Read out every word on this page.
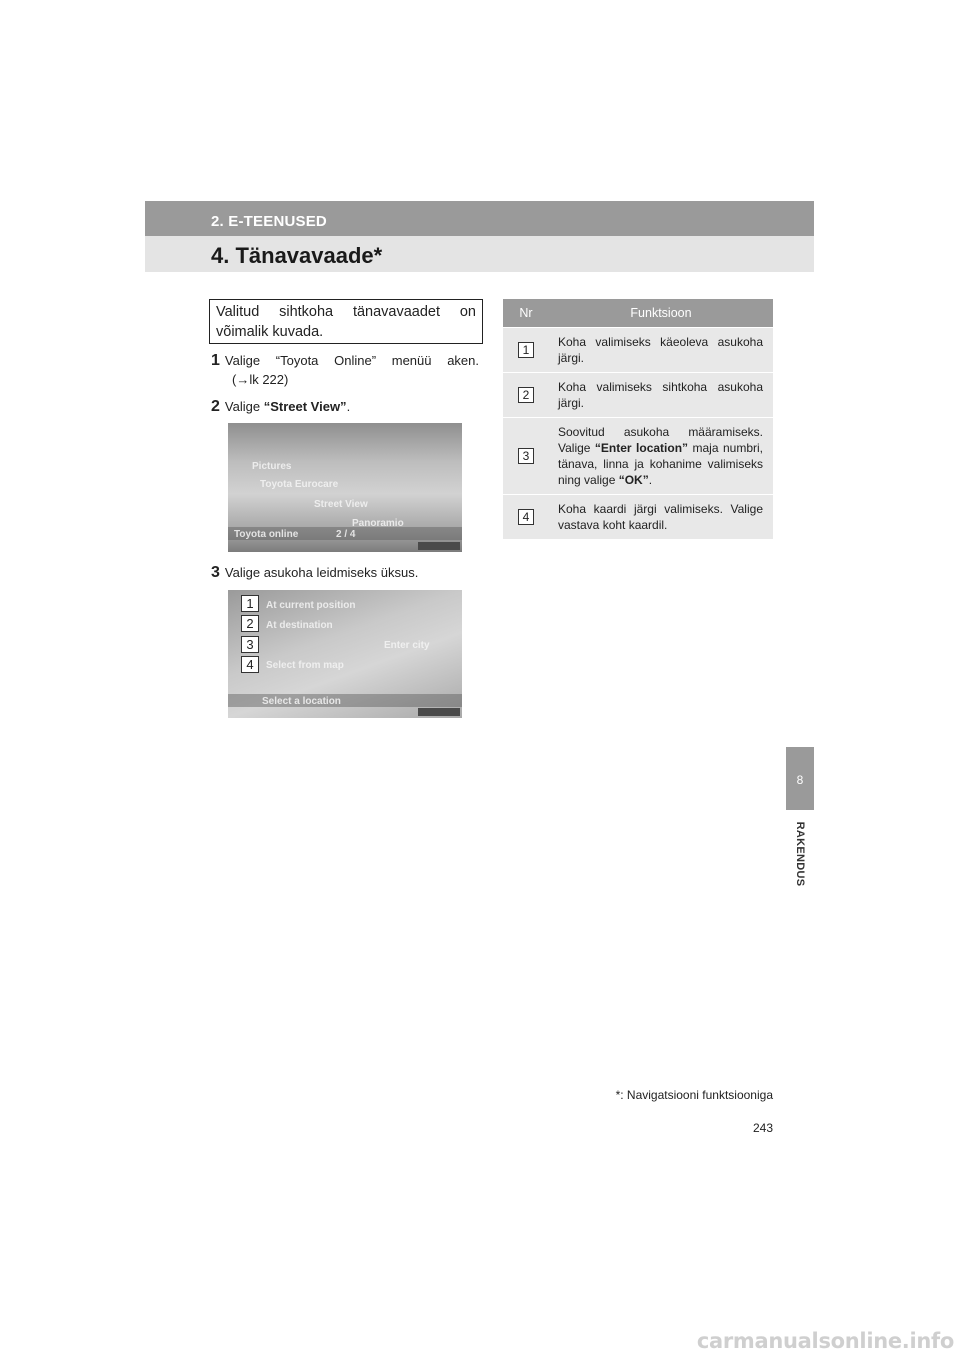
2. E-TEENUSED
4. Tänavavaade*

Valitud sihtkoha tänavavaadet on võimalik kuvada.

1 Valige “Toyota Online” menüü aken.
(→lk 222)
2 Valige “Street View”.
Pictures
Toyota Eurocare
Street View
Panoramio
Toyota online	2 / 4
3 Valige asukoha leidmiseks üksus.
1
2
3
4
At current position
At destination
Enter city
Select from map
Select a location
Nr	Funktsioon
1	Koha valimiseks käeoleva asukoha järgi.
2	Koha valimiseks sihtkoha asukoha järgi.
3	Soovitud asukoha määramiseks. Valige “Enter location” maja numbri, tänava, linna ja kohanime valimiseks ning valige “OK”.
4	Koha kaardi järgi valimiseks. Valige vastava koht kaardil.
8
RAKENDUS
*: Navigatsiooni funktsiooniga
243
carmanualsonline.info
